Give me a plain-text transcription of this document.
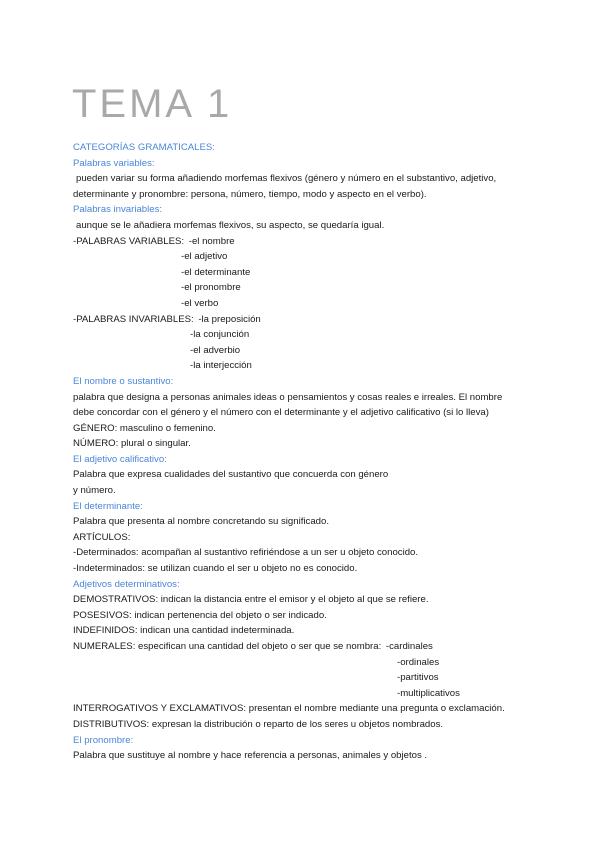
TEMA 1
CATEGORÍAS GRAMATICALES:
Palabras variables:
pueden variar su forma añadiendo morfemas flexivos (género y número en el substantivo, adjetivo,
determinante y pronombre: persona, número, tiempo, modo y aspecto en el verbo).
Palabras invariables:
aunque se le añadiera morfemas flexivos, su aspecto, se quedaría igual.
-PALABRAS VARIABLES: -el nombre
-el adjetivo
-el determinante
-el pronombre
-el verbo
-PALABRAS INVARIABLES: -la preposición
-la conjunción
-el adverbio
-la interjección
El nombre o sustantivo:
palabra que designa a personas animales ideas o pensamientos y cosas reales e irreales. El nombre
debe concordar con el género y el número con el determinante y el adjetivo calificativo (si lo lleva)
GÉNERO: masculino o femenino.
NÚMERO: plural o singular.
El adjetivo calificativo:
Palabra que expresa cualidades del sustantivo que concuerda con género
y número.
El determinante:
Palabra que presenta al nombre concretando su significado.
ARTÍCULOS:
-Determinados: acompañan al sustantivo refiriéndose a un ser u objeto conocido.
-Indeterminados: se utilizan cuando el ser u objeto no es conocido.
Adjetivos determinativos:
DEMOSTRATIVOS: indican la distancia entre el emisor y el objeto al que se refiere.
POSESIVOS: indican pertenencia del objeto o ser indicado.
INDEFINIDOS: indican una cantidad indeterminada.
NUMERALES: especifican una cantidad del objeto o ser que se nombra: -cardinales
-ordinales
-partitivos
-multiplicativos
INTERROGATIVOS Y EXCLAMATIVOS: presentan el nombre mediante una pregunta o exclamación.
DISTRIBUTIVOS: expresan la distribución o reparto de los seres u objetos nombrados.
El pronombre:
Palabra que sustituye al nombre y hace referencia a personas, animales y objetos .
